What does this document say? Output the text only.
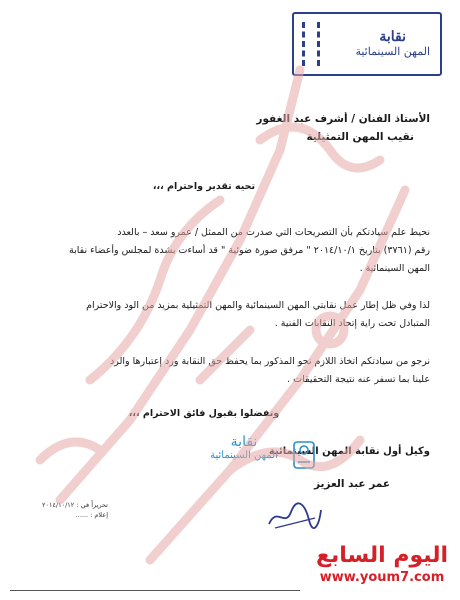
نقابة
المهن السينمائية
الأستاذ الفنان / أشرف عبد الغفور
نقيب المهن التمثيلية
تحيه تقدير واحترام ،،،
نحيط علم سيادتكم بأن التصريحات التي صدرت من الممثل / عمرو سعد – بالعدد
رقم (٣٧٦١) بتاريخ ٢٠١٤/١٠/١ " مرفق صورة ضوئية " قد أساءت بشدة لمجلس وأعضاء نقابة
المهن السينمائية .
لذا وفي ظل إطار عمل نقابتي المهن السينمائية والمهن التمثيلية بمزيد من الود والاحترام
المتبادل تحت راية إتحاد النقابات الفنية .
نرجو من سيادتكم اتخاذ اللازم نحو المذكور بما يحفظ حق النقابة ورد إعتبارها والرد
علينا بما تسفر عنه نتيجة التحقيقات .
وتفضلوا بقبول فائق الاحترام ،،،
وكيل أول نقابة المهن السينمائية
عمر عبد العزيز
نقابة
المهن السينمائية
تحريراً في : ٢٠١٤/١٠/١٢
إعلام : ......
اليوم السابع
www.youm7.com
